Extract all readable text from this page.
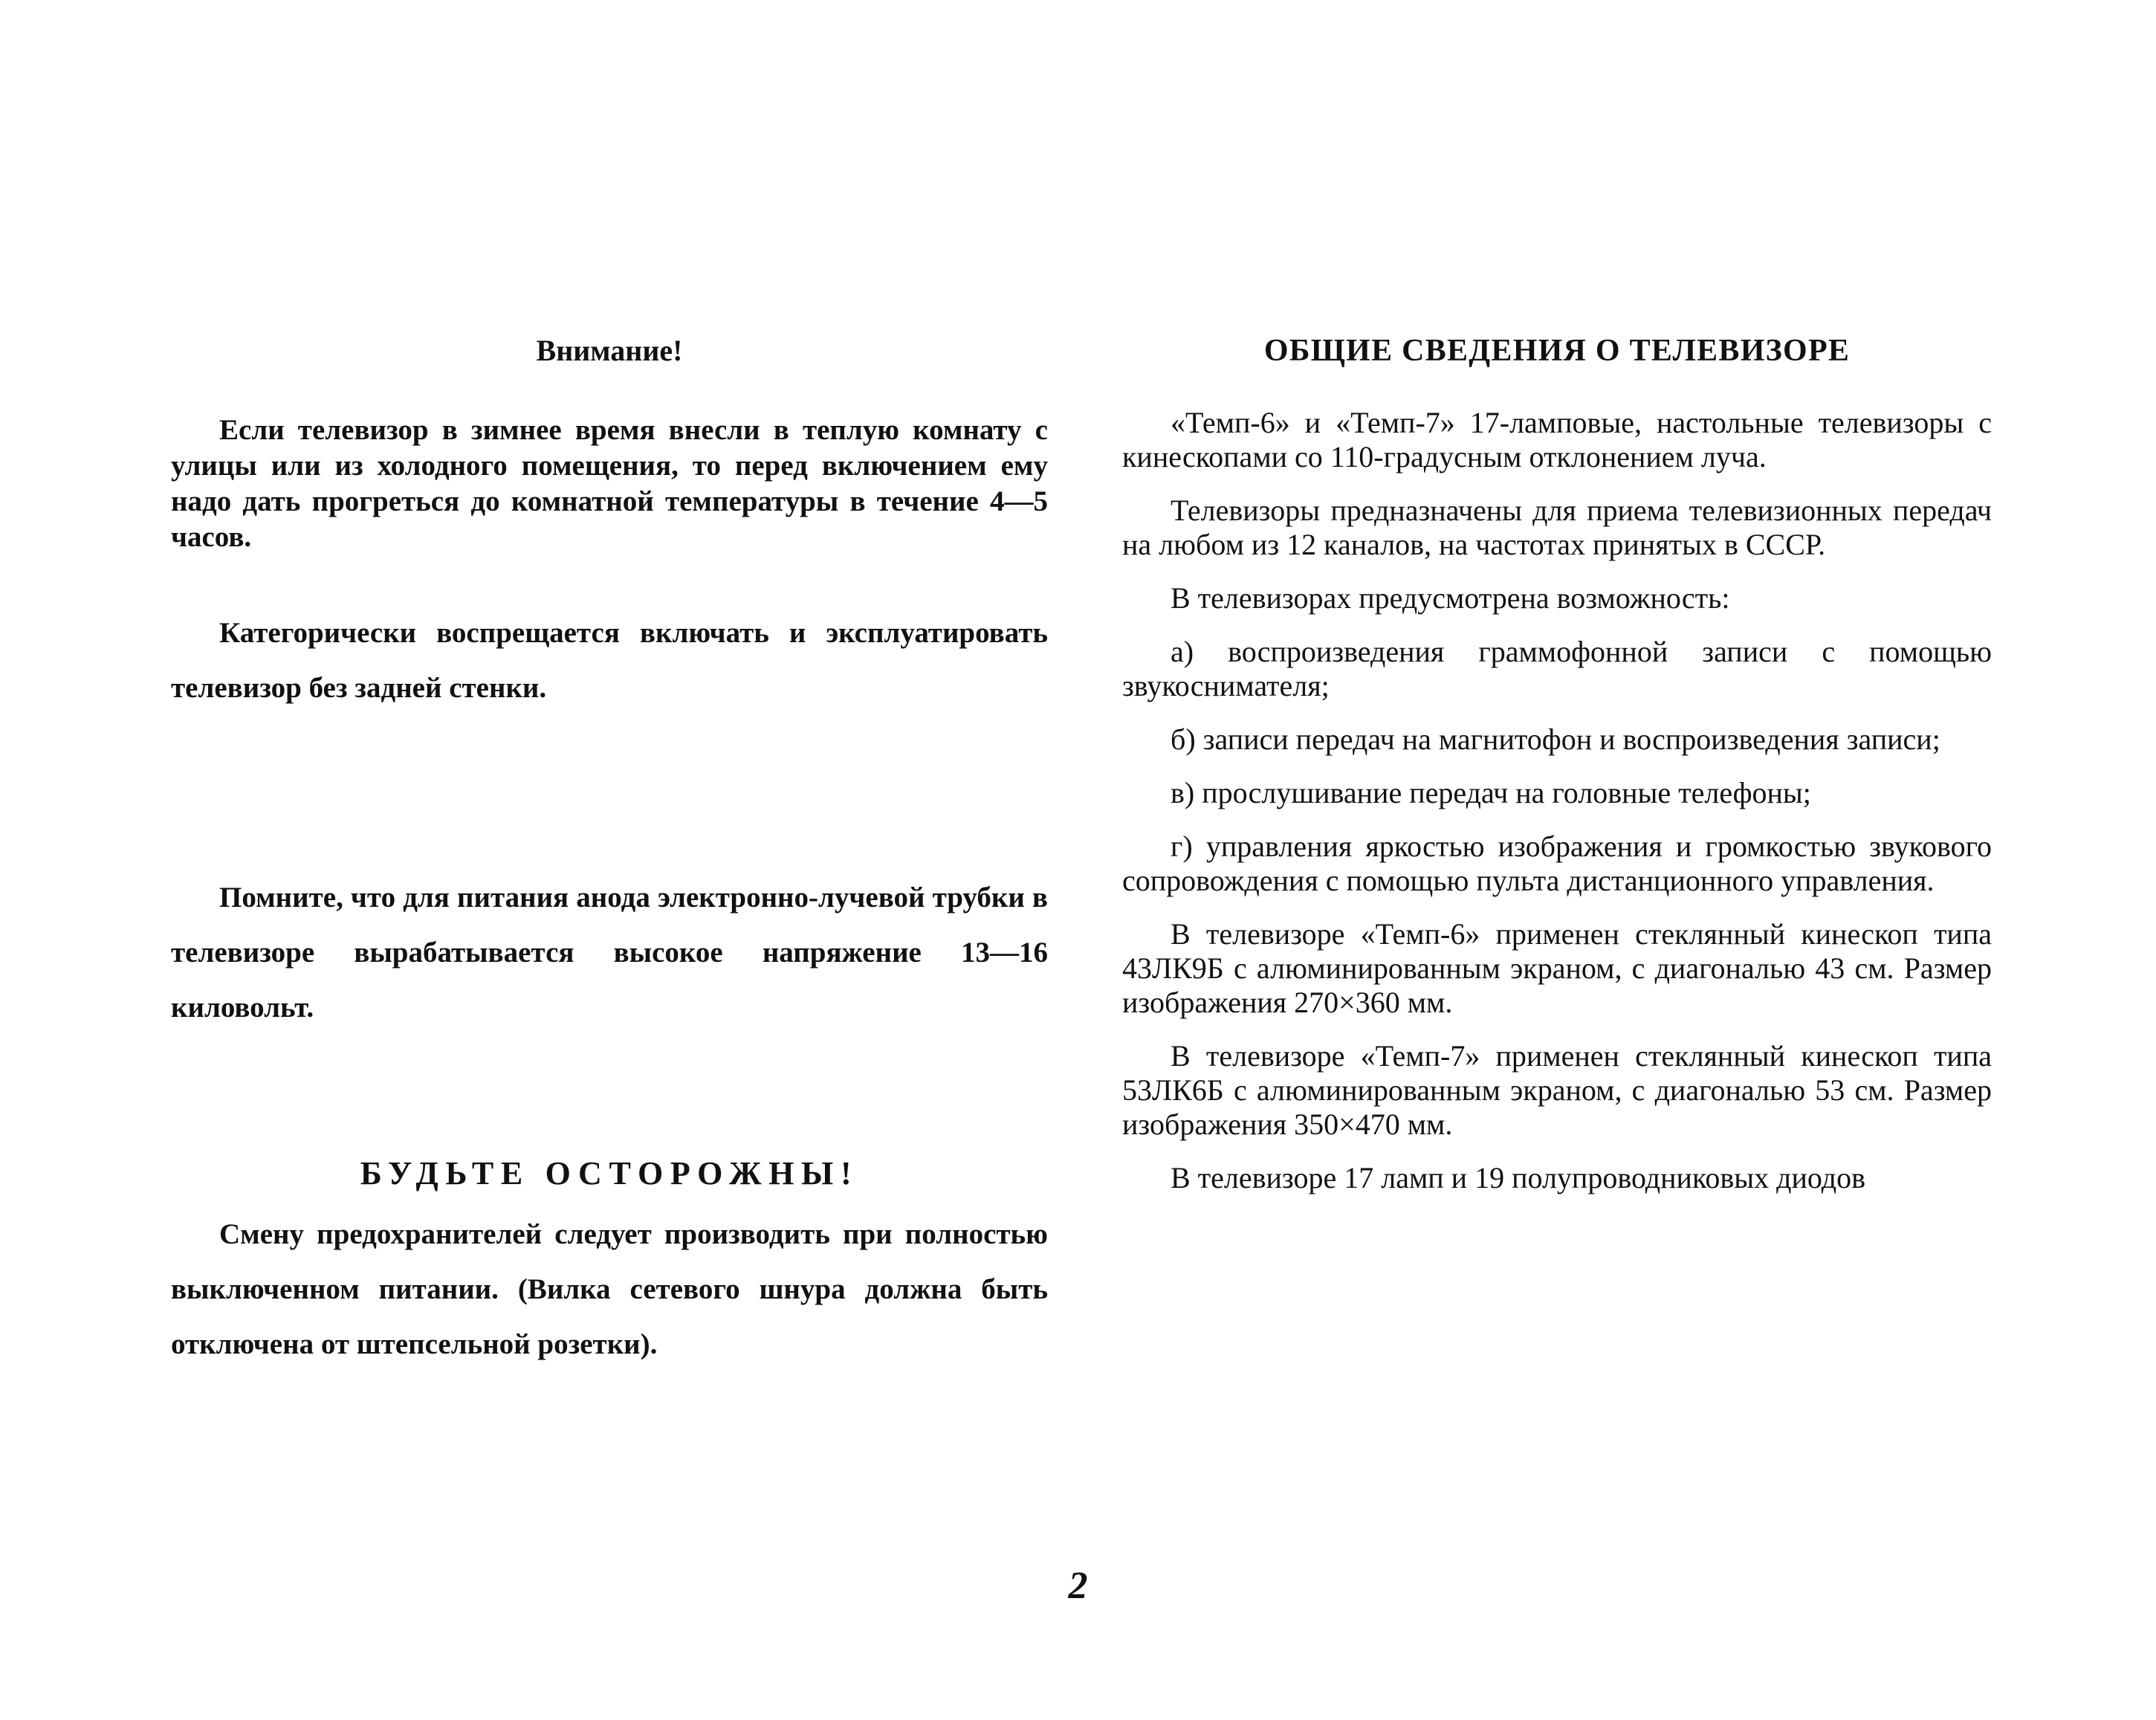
Внимание!

Если телевизор в зимнее время внесли в теплую комнату с улицы или из холодного помещения, то перед включением ему надо дать прогреться до комнатной температуры в течение 4—5 часов.

Категорически воспрещается включать и эксплуатировать телевизор без задней стенки.

Помните, что для питания анода электронно-лучевой трубки в телевизоре вырабатывается высокое напряжение 13—16 киловольт.

БУДЬТЕ ОСТОРОЖНЫ!

Смену предохранителей следует производить при полностью выключенном питании. (Вилка сетевого шнура должна быть отключена от штепсельной розетки).

ОБЩИЕ СВЕДЕНИЯ О ТЕЛЕВИЗОРЕ

«Темп-6» и «Темп-7» 17-ламповые, настольные телевизоры с кинескопами со 110-градусным отклонением луча.

Телевизоры предназначены для приема телевизионных передач на любом из 12 каналов, на частотах принятых в СССР.

В телевизорах предусмотрена возможность:

а) воспроизведения граммофонной записи с помощью звукоснимателя;

б) записи передач на магнитофон и воспроизведения записи;

в) прослушивание передач на головные телефоны;

г) управления яркостью изображения и громкостью звукового сопровождения с помощью пульта дистанционного управления.

В телевизоре «Темп-6» применен стеклянный кинескоп типа 43ЛК9Б с алюминированным экраном, с диагональю 43 см. Размер изображения 270×360 мм.

В телевизоре «Темп-7» применен стеклянный кинескоп типа 53ЛК6Б с алюминированным экраном, с диагональю 53 см. Размер изображения 350×470 мм.

В телевизоре 17 ламп и 19 полупроводниковых диодов

2
